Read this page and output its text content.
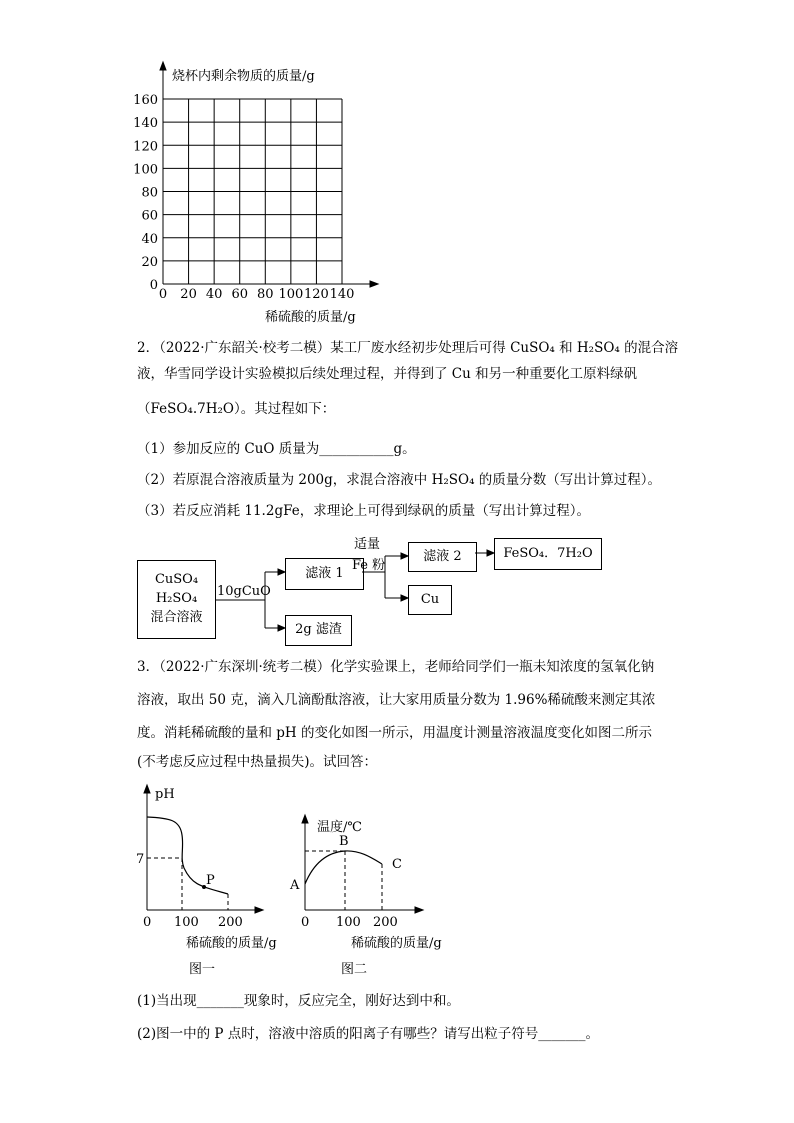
烧杯内剩余物质的质量/g
160
140
120
100
80
60
40
20
0
0 20 40 60 80 100 120 140
稀硫酸的质量/g
2．（2022·广东韶关·校考二模）某工厂废水经初步处理后可得 CuSO₄ 和 H₂SO₄ 的混合溶
液，华雪同学设计实验模拟后续处理过程，并得到了 Cu 和另一种重要化工原料绿矾
（FeSO₄.7H₂O）。其过程如下：
（1）参加反应的 CuO 质量为___________g。
（2）若原混合溶液质量为 200g，求混合溶液中 H₂SO₄ 的质量分数（写出计算过程）。
（3）若反应消耗 11.2gFe，求理论上可得到绿矾的质量（写出计算过程）。
CuSO₄
H₂SO₄
混合溶液
10gCuO
滤液 1
2g 滤渣
适量
Fe 粉
滤液 2
Cu
FeSO₄．7H₂O
3．（2022·广东深圳·统考二模）化学实验课上，老师给同学们一瓶未知浓度的氢氧化钠
溶液，取出 50 克，滴入几滴酚酞溶液，让大家用质量分数为 1.96%稀硫酸来测定其浓
度。消耗稀硫酸的量和 pH 的变化如图一所示，用温度计测量溶液温度变化如图二所示
(不考虑反应过程中热量损失)。试回答：
pH
7
P
0 100 200
稀硫酸的质量/g
图一
温度/℃
A
B
C
0 100 200
稀硫酸的质量/g
图二
(1)当出现_______现象时，反应完全，刚好达到中和。
(2)图一中的 P 点时，溶液中溶质的阳离子有哪些？请写出粒子符号_______。
